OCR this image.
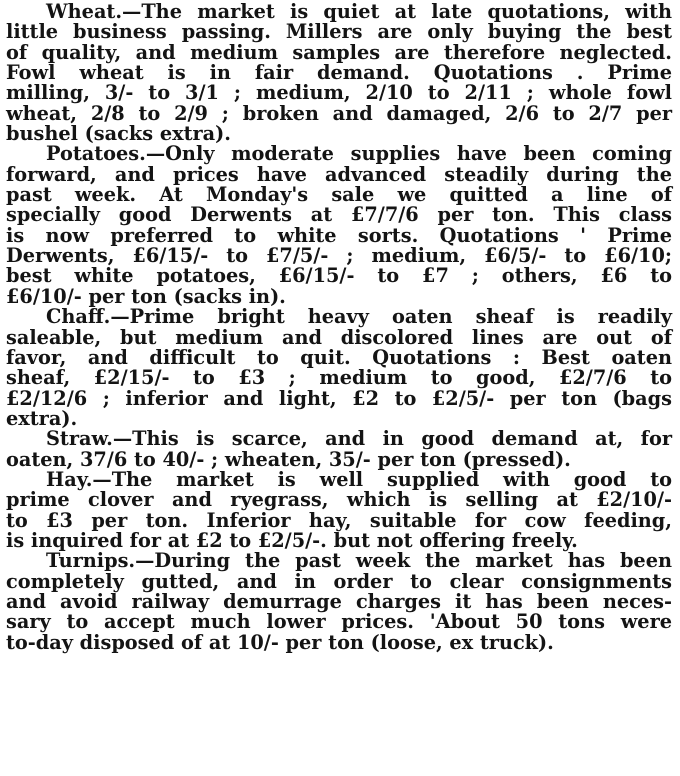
Wheat.—The market is quiet at late quotations, with
little business passing. Millers are only buying the best
of quality, and medium samples are therefore neglected.
Fowl wheat is in fair demand. Quotations . Prime
milling, 3/- to 3/1 ; medium, 2/10 to 2/11 ; whole fowl
wheat, 2/8 to 2/9 ; broken and damaged, 2/6 to 2/7 per
bushel (sacks extra).
Potatoes.—Only moderate supplies have been coming
forward, and prices have advanced steadily during the
past week. At Monday's sale we quitted a line of
specially good Derwents at £7/7/6 per ton. This class
is now preferred to white sorts. Quotations ' Prime
Derwents, £6/15/- to £7/5/- ; medium, £6/5/- to £6/10;
best white potatoes, £6/15/- to £7 ; others, £6 to
£6/10/- per ton (sacks in).
Chaff.—Prime bright heavy oaten sheaf is readily
saleable, but medium and discolored lines are out of
favor, and difficult to quit. Quotations : Best oaten
sheaf, £2/15/- to £3 ; medium to good, £2/7/6 to
£2/12/6 ; inferior and light, £2 to £2/5/- per ton (bags
extra).
Straw.—This is scarce, and in good demand at, for
oaten, 37/6 to 40/- ; wheaten, 35/- per ton (pressed).
Hay.—The market is well supplied with good to
prime clover and ryegrass, which is selling at £2/10/-
to £3 per ton. Inferior hay, suitable for cow feeding,
is inquired for at £2 to £2/5/-. but not offering freely.
Turnips.—During the past week the market has been
completely gutted, and in order to clear consignments
and avoid railway demurrage charges it has been neces-
sary to accept much lower prices. 'About 50 tons were
to-day disposed of at 10/- per ton (loose, ex truck).
